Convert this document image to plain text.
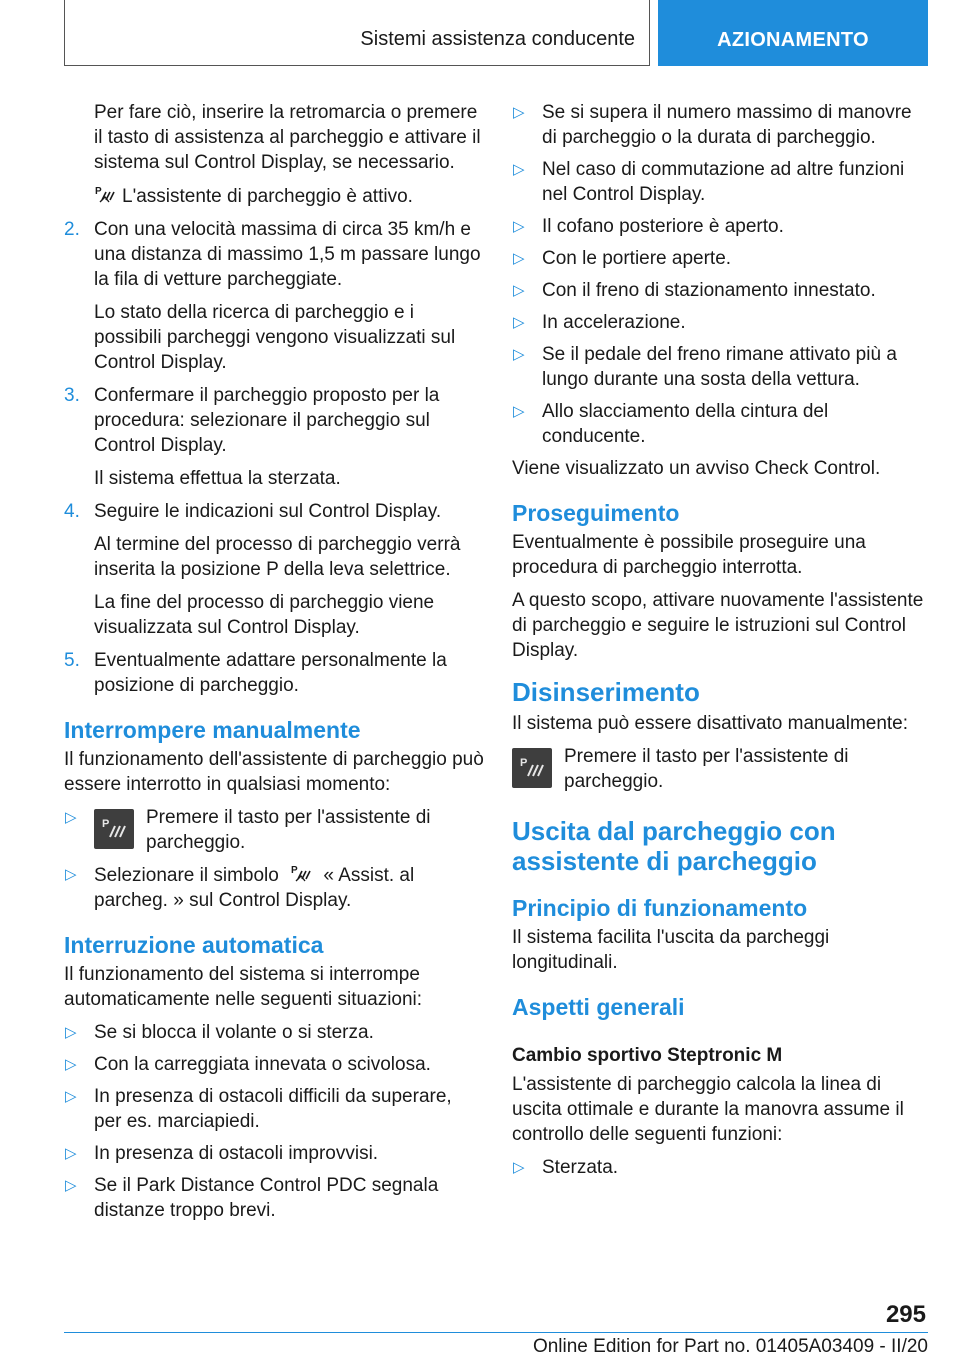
Sistemi assistenza conducente	AZIONAMENTO
Per fare ciò, inserire la retromarcia o premere il tasto di assistenza al parcheggio e attivare il sistema sul Control Display, se necessario.
P L'assistente di parcheggio è attivo.
2. Con una velocità massima di circa 35 km/h e una distanza di massimo 1,5 m passare lungo la fila di vetture parcheggiate.
Lo stato della ricerca di parcheggio e i possibili parcheggi vengono visualizzati sul Control Display.
3. Confermare il parcheggio proposto per la procedura: selezionare il parcheggio sul Control Display.
Il sistema effettua la sterzata.
4. Seguire le indicazioni sul Control Display.
Al termine del processo di parcheggio verrà inserita la posizione P della leva selettrice.
La fine del processo di parcheggio viene visualizzata sul Control Display.
5. Eventualmente adattare personalmente la posizione di parcheggio.
Interrompere manualmente
Il funzionamento dell'assistente di parcheggio può essere interrotto in qualsiasi momento:
▷ P Premere il tasto per l'assistente di parcheggio.
▷ Selezionare il simbolo P « Assist. al parcheg. » sul Control Display.
Interruzione automatica
Il funzionamento del sistema si interrompe automaticamente nelle seguenti situazioni:
▷ Se si blocca il volante o si sterza.
▷ Con la carreggiata innevata o scivolosa.
▷ In presenza di ostacoli difficili da superare, per es. marciapiedi.
▷ In presenza di ostacoli improvvisi.
▷ Se il Park Distance Control PDC segnala distanze troppo brevi.
▷ Se si supera il numero massimo di manovre di parcheggio o la durata di parcheggio.
▷ Nel caso di commutazione ad altre funzioni nel Control Display.
▷ Il cofano posteriore è aperto.
▷ Con le portiere aperte.
▷ Con il freno di stazionamento innestato.
▷ In accelerazione.
▷ Se il pedale del freno rimane attivato più a lungo durante una sosta della vettura.
▷ Allo slacciamento della cintura del conducente.
Viene visualizzato un avviso Check Control.
Proseguimento
Eventualmente è possibile proseguire una procedura di parcheggio interrotta.
A questo scopo, attivare nuovamente l'assistente di parcheggio e seguire le istruzioni sul Control Display.
Disinserimento
Il sistema può essere disattivato manualmente:
P Premere il tasto per l'assistente di parcheggio.
Uscita dal parcheggio con assistente di parcheggio
Principio di funzionamento
Il sistema facilita l'uscita da parcheggi longitudinali.
Aspetti generali
Cambio sportivo Steptronic M
L'assistente di parcheggio calcola la linea di uscita ottimale e durante la manovra assume il controllo delle seguenti funzioni:
▷ Sterzata.
295
Online Edition for Part no. 01405A03409 - II/20
